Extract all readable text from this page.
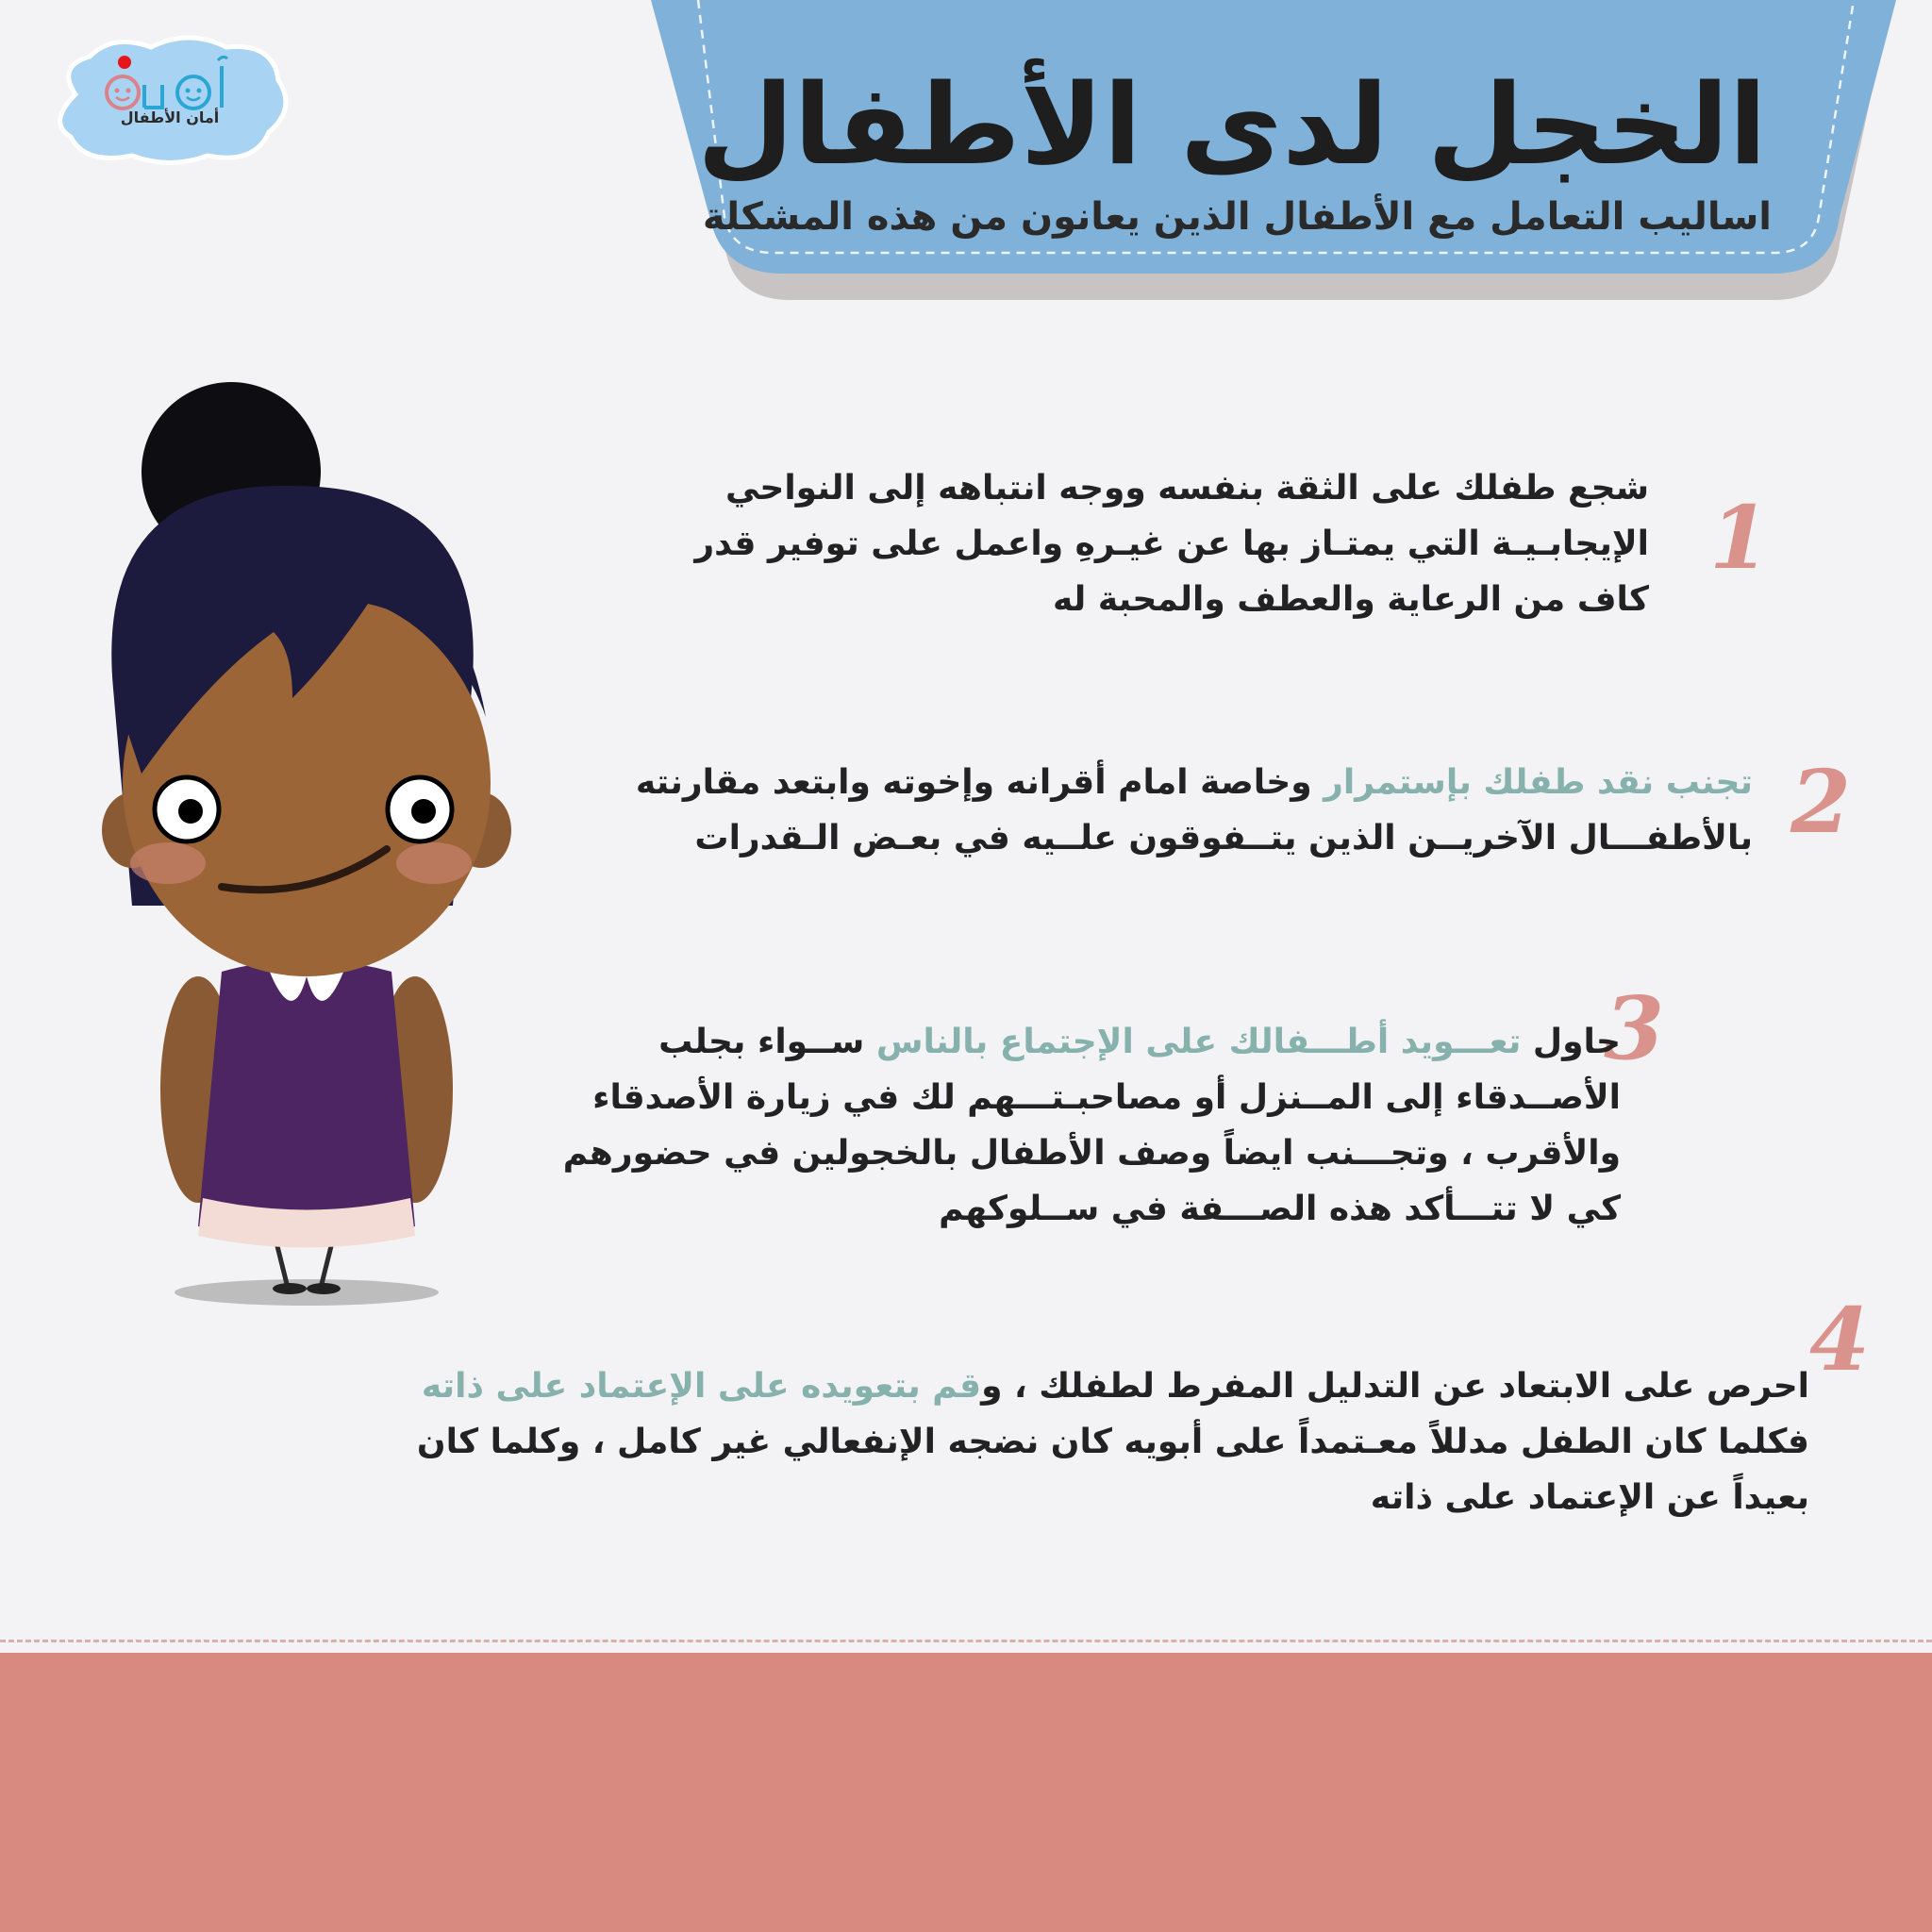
الخجل لدى الأطفال
اساليب التعامل مع الأطفال الذين يعانون من هذه المشكلة
أمان الأطفال
1
شجع طفلك على الثقة بنفسه ووجه انتباهه إلى النواحي
الإيجابـيـة التي يمتـاز بها عن غيـرهِ واعمل على توفير قدر
كاف من الرعاية والعطف والمحبة له
2
تجنب نقد طفلك بإستمرار وخاصة امام أقرانه وإخوته وابتعد مقارنته
بالأطفـــال الآخريــن الذين يتــفوقون علــيه في بعـض الـقدرات
3
حاول تعـــويد أطـــفالك على الإجتماع بالناس ســواء بجلب
الأصــدقاء إلى المــنزل أو مصاحبـتـــهم لك في زيارة الأصدقاء
والأقرب ، وتجـــنب ايضاً وصف الأطفال بالخجولين في حضورهم
كي لا تتـــأكد هذه الصـــفة في ســلوكهم
4
احرص على الابتعاد عن التدليل المفرط لطفلك ، وقم بتعويده على الإعتماد على ذاته
فكلما كان الطفل مدللاً معـتمداً على أبويه كان نضجه الإنفعالي غير كامل ، وكلما كان
بعيداً عن الإعتماد على ذاته
